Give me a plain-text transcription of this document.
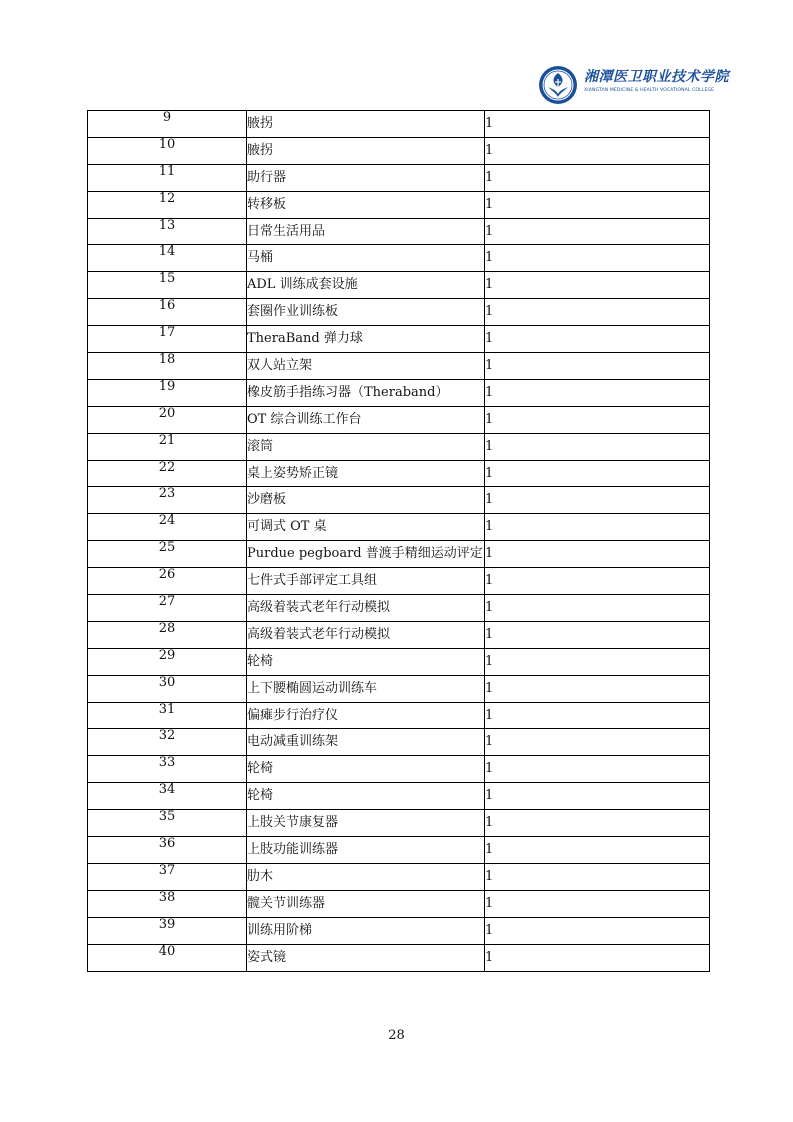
湘潭医卫职业技术学院
XIANGTAN MEDICINE & HEALTH VOCATIONAL COLLEGE
9	腋拐	1
10	腋拐	1
11	助行器	1
12	转移板	1
13	日常生活用品	1
14	马桶	1
15	ADL 训练成套设施	1
16	套圈作业训练板	1
17	TheraBand 弹力球	1
18	双人站立架	1
19	橡皮筋手指练习器（Theraband）	1
20	OT 综合训练工作台	1
21	滚筒	1
22	桌上姿势矫正镜	1
23	沙磨板	1
24	可调式 OT 桌	1
25	Purdue pegboard 普渡手精细运动评定	1
26	七件式手部评定工具组	1
27	高级着装式老年行动模拟	1
28	高级着装式老年行动模拟	1
29	轮椅	1
30	上下腰椭圆运动训练车	1
31	偏瘫步行治疗仪	1
32	电动减重训练架	1
33	轮椅	1
34	轮椅	1
35	上肢关节康复器	1
36	上肢功能训练器	1
37	肋木	1
38	髋关节训练器	1
39	训练用阶梯	1
40	姿式镜	1
28
